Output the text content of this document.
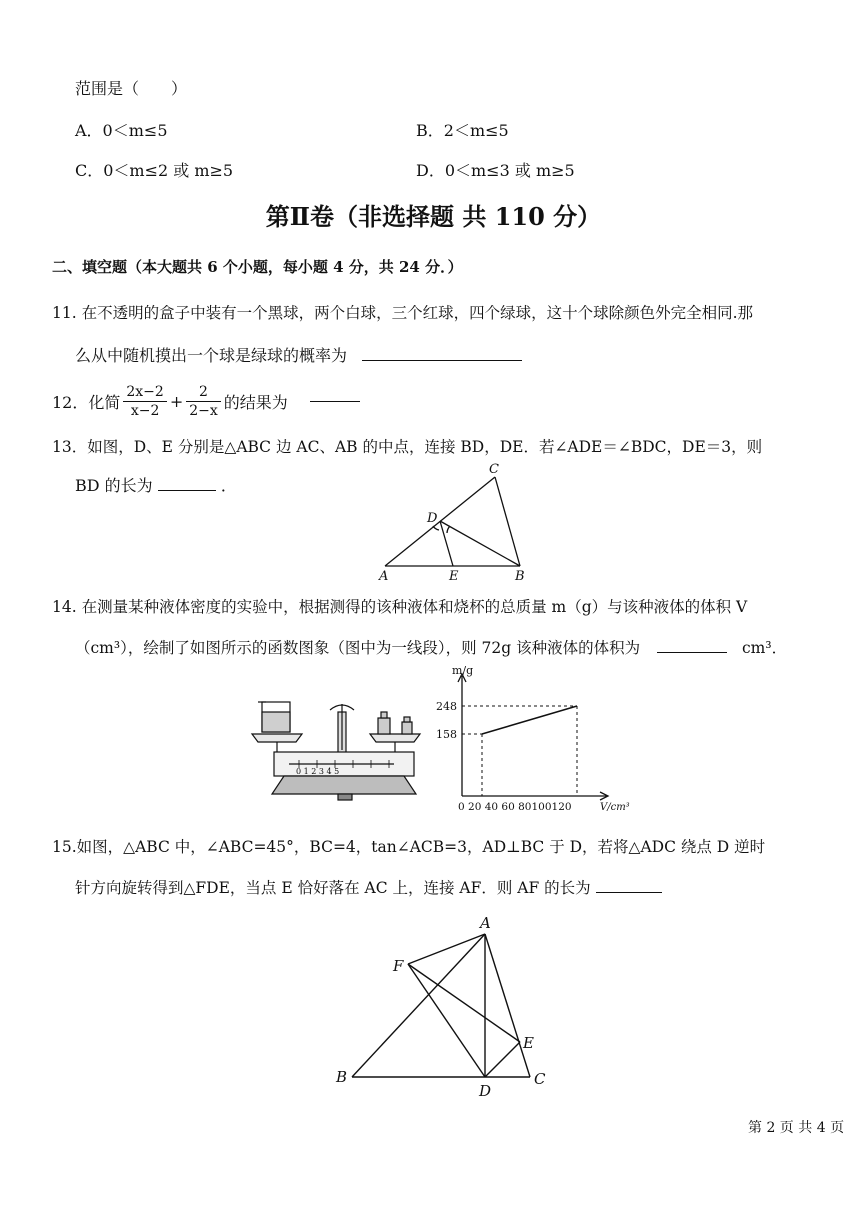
范围是（　　）
A．0＜m≤5	B．2＜m≤5
C．0＜m≤2 或 m≥5	D．0＜m≤3 或 m≥5
第Ⅱ卷（非选择题 共 110 分）
二、填空题（本大题共 6 个小题，每小题 4 分，共 24 分．）
11. 在不透明的盒子中装有一个黑球，两个白球，三个红球，四个绿球，这十个球除颜色外完全相同.那
么从中随机摸出一个球是绿球的概率为
12．化简 $\frac{2x-2}{x-2} + \frac{2}{2-x}$ 的结果为
13．如图，D、E 分别是△ABC 边 AC、AB 的中点，连接 BD，DE．若∠ADE＝∠BDC，DE＝3，则
BD 的长为	．
A	B
C
D
E
14. 在测量某种液体密度的实验中，根据测得的该种液体和烧杯的总质量 m（g）与该种液体的体积 V
（cm³），绘制了如图所示的函数图象（图中为一线段），则 72g 该种液体的体积为	cm³．
0 1 2 3 4 5
m/g
248
158
0 20 40 60 80100120	V/cm³
15.如图，△ABC 中，∠ABC=45°，BC=4，tan∠ACB=3，AD⊥BC 于 D，若将△ADC 绕点 D 逆时
针方向旋转得到△FDE，当点 E 恰好落在 AC 上，连接 AF．则 AF 的长为
A
B	C
D
E
F
第 2 页 共 4 页
